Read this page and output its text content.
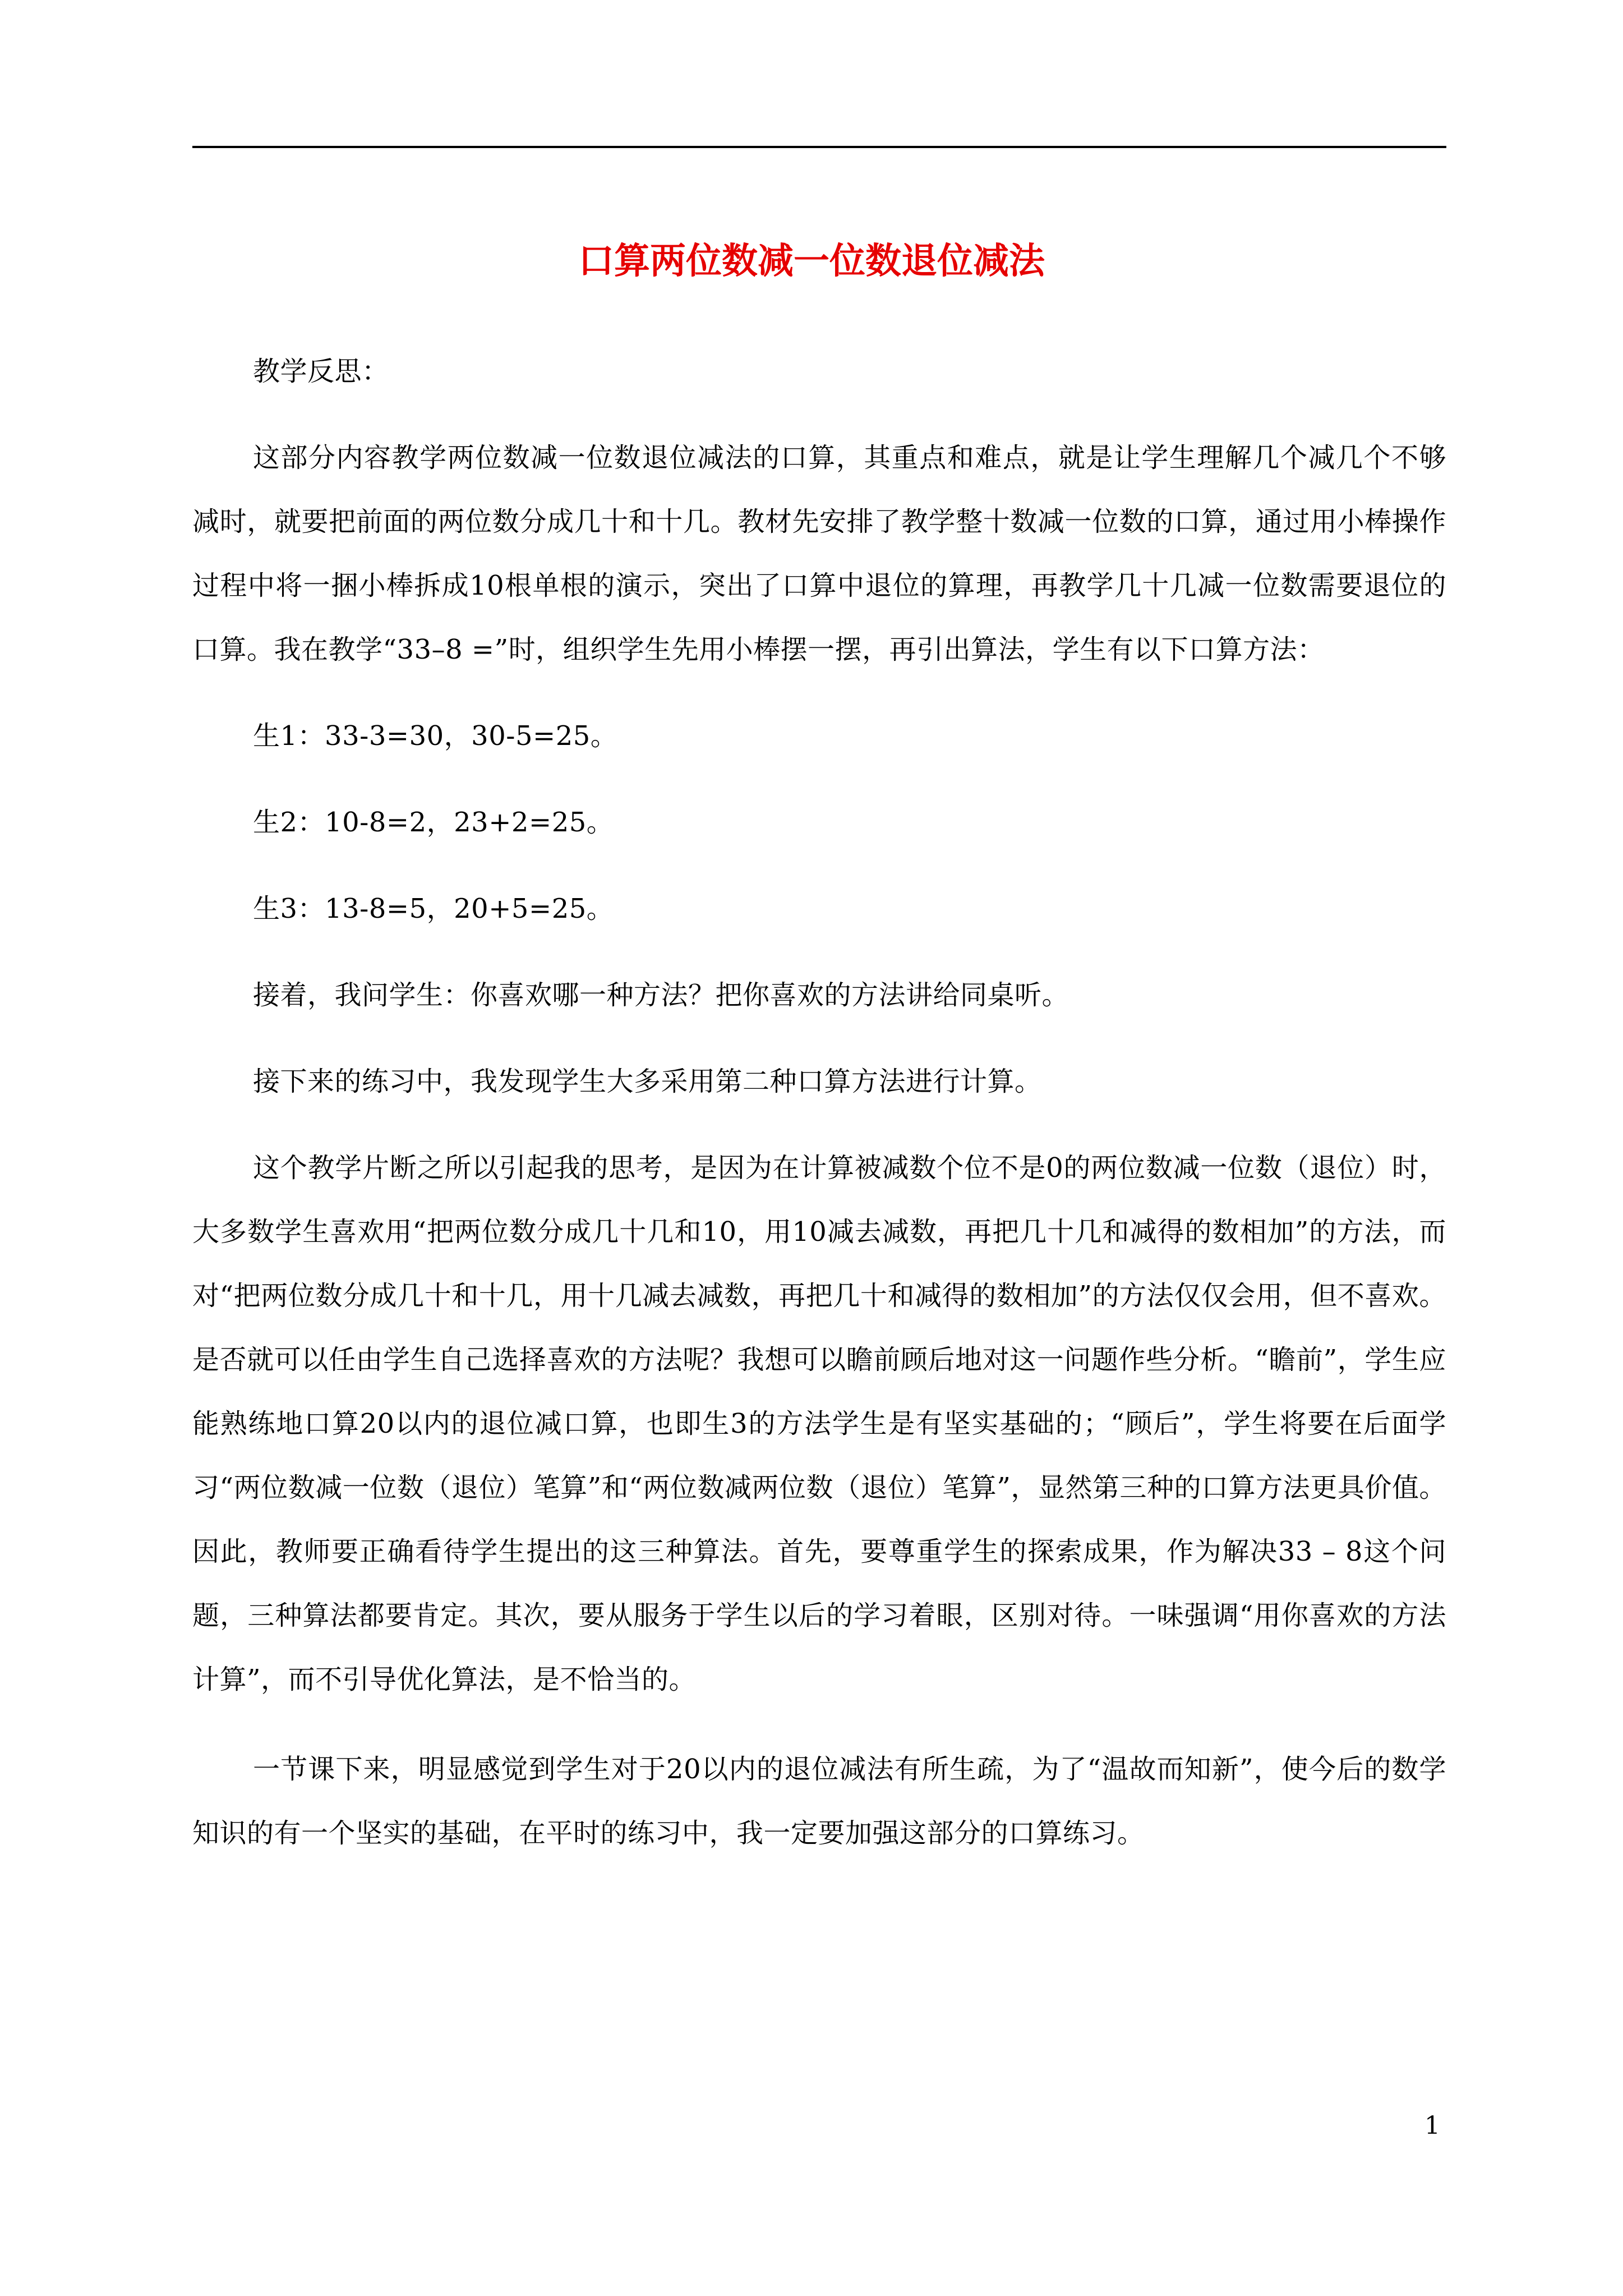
口算两位数减一位数退位减法

教学反思：

这部分内容教学两位数减一位数退位减法的口算，其重点和难点，就是让学生理解几个减几个不够减时，就要把前面的两位数分成几十和十几。教材先安排了教学整十数减一位数的口算，通过用小棒操作过程中将一捆小棒拆成10根单根的演示，突出了口算中退位的算理，再教学几十几减一位数需要退位的口算。我在教学“33–8 =”时，组织学生先用小棒摆一摆，再引出算法，学生有以下口算方法：

生1：33-3=30，30-5=25。

生2：10-8=2，23+2=25。

生3：13-8=5，20+5=25。

接着，我问学生：你喜欢哪一种方法？把你喜欢的方法讲给同桌听。

接下来的练习中，我发现学生大多采用第二种口算方法进行计算。

这个教学片断之所以引起我的思考，是因为在计算被减数个位不是0的两位数减一位数（退位）时，大多数学生喜欢用“把两位数分成几十几和10，用10减去减数，再把几十几和减得的数相加”的方法，而对“把两位数分成几十和十几，用十几减去减数，再把几十和减得的数相加”的方法仅仅会用，但不喜欢。是否就可以任由学生自己选择喜欢的方法呢？我想可以瞻前顾后地对这一问题作些分析。“瞻前”，学生应能熟练地口算20以内的退位减口算，也即生3的方法学生是有坚实基础的；“顾后”，学生将要在后面学习“两位数减一位数（退位）笔算”和“两位数减两位数（退位）笔算”，显然第三种的口算方法更具价值。因此，教师要正确看待学生提出的这三种算法。首先，要尊重学生的探索成果，作为解决33 – 8这个问题，三种算法都要肯定。其次，要从服务于学生以后的学习着眼，区别对待。一味强调“用你喜欢的方法计算”，而不引导优化算法，是不恰当的。

一节课下来，明显感觉到学生对于20以内的退位减法有所生疏，为了“温故而知新”，使今后的数学知识的有一个坚实的基础，在平时的练习中，我一定要加强这部分的口算练习。

1
